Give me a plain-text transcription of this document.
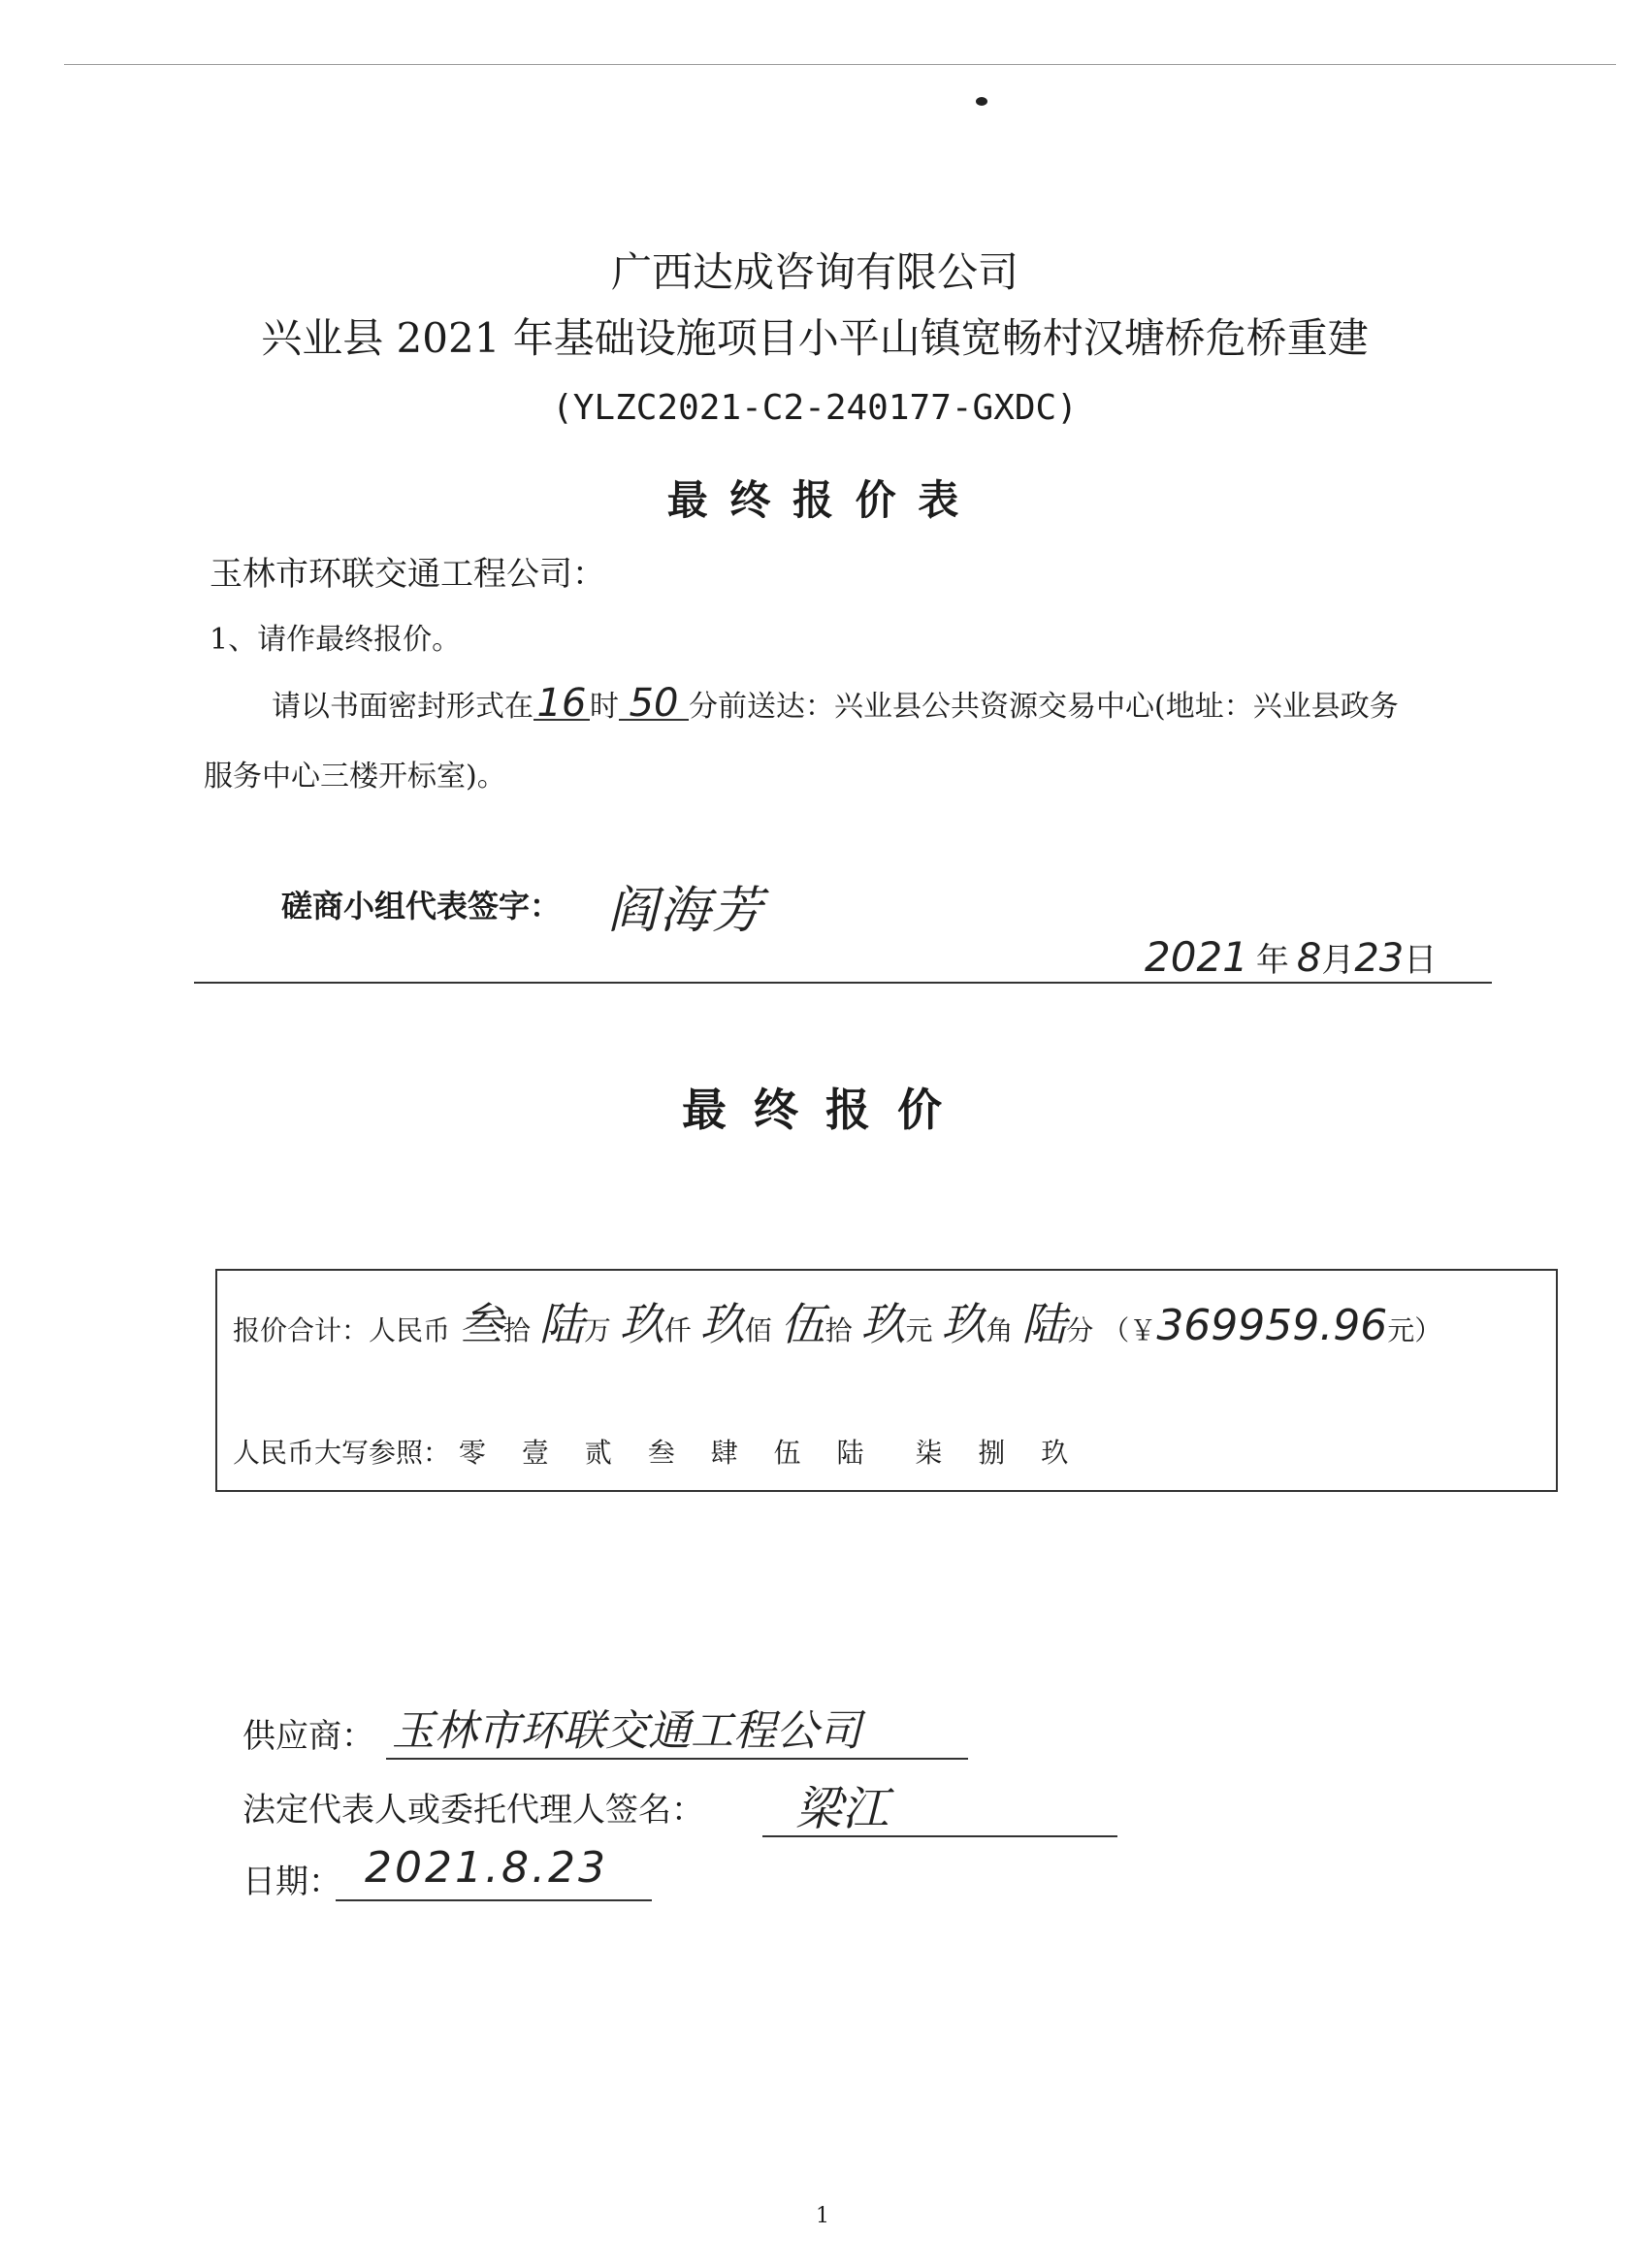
广西达成咨询有限公司
兴业县 2021 年基础设施项目小平山镇宽畅村汉塘桥危桥重建
(YLZC2021-C2-240177-GXDC)
最 终 报 价 表
玉林市环联交通工程公司：
1、请作最终报价。
请以书面密封形式在16 时 50 分前送达：兴业县公共资源交易中心(地址：兴业县政务
服务中心三楼开标室)。
磋商小组代表签字： 阎海芳
2021 年 8月23日
最 终 报 价
报价合计：人民币 叁拾 陆万 玖仟 玖佰 伍拾 玖元 玖角 陆分 （￥369959.96元）
人民币大写参照： 零 壹 贰 叁 肆 伍 陆 柒 捌 玖
供应商： 玉林市环联交通工程公司
法定代表人或委托代理人签名： 梁江
日期： 2021.8.23
1
